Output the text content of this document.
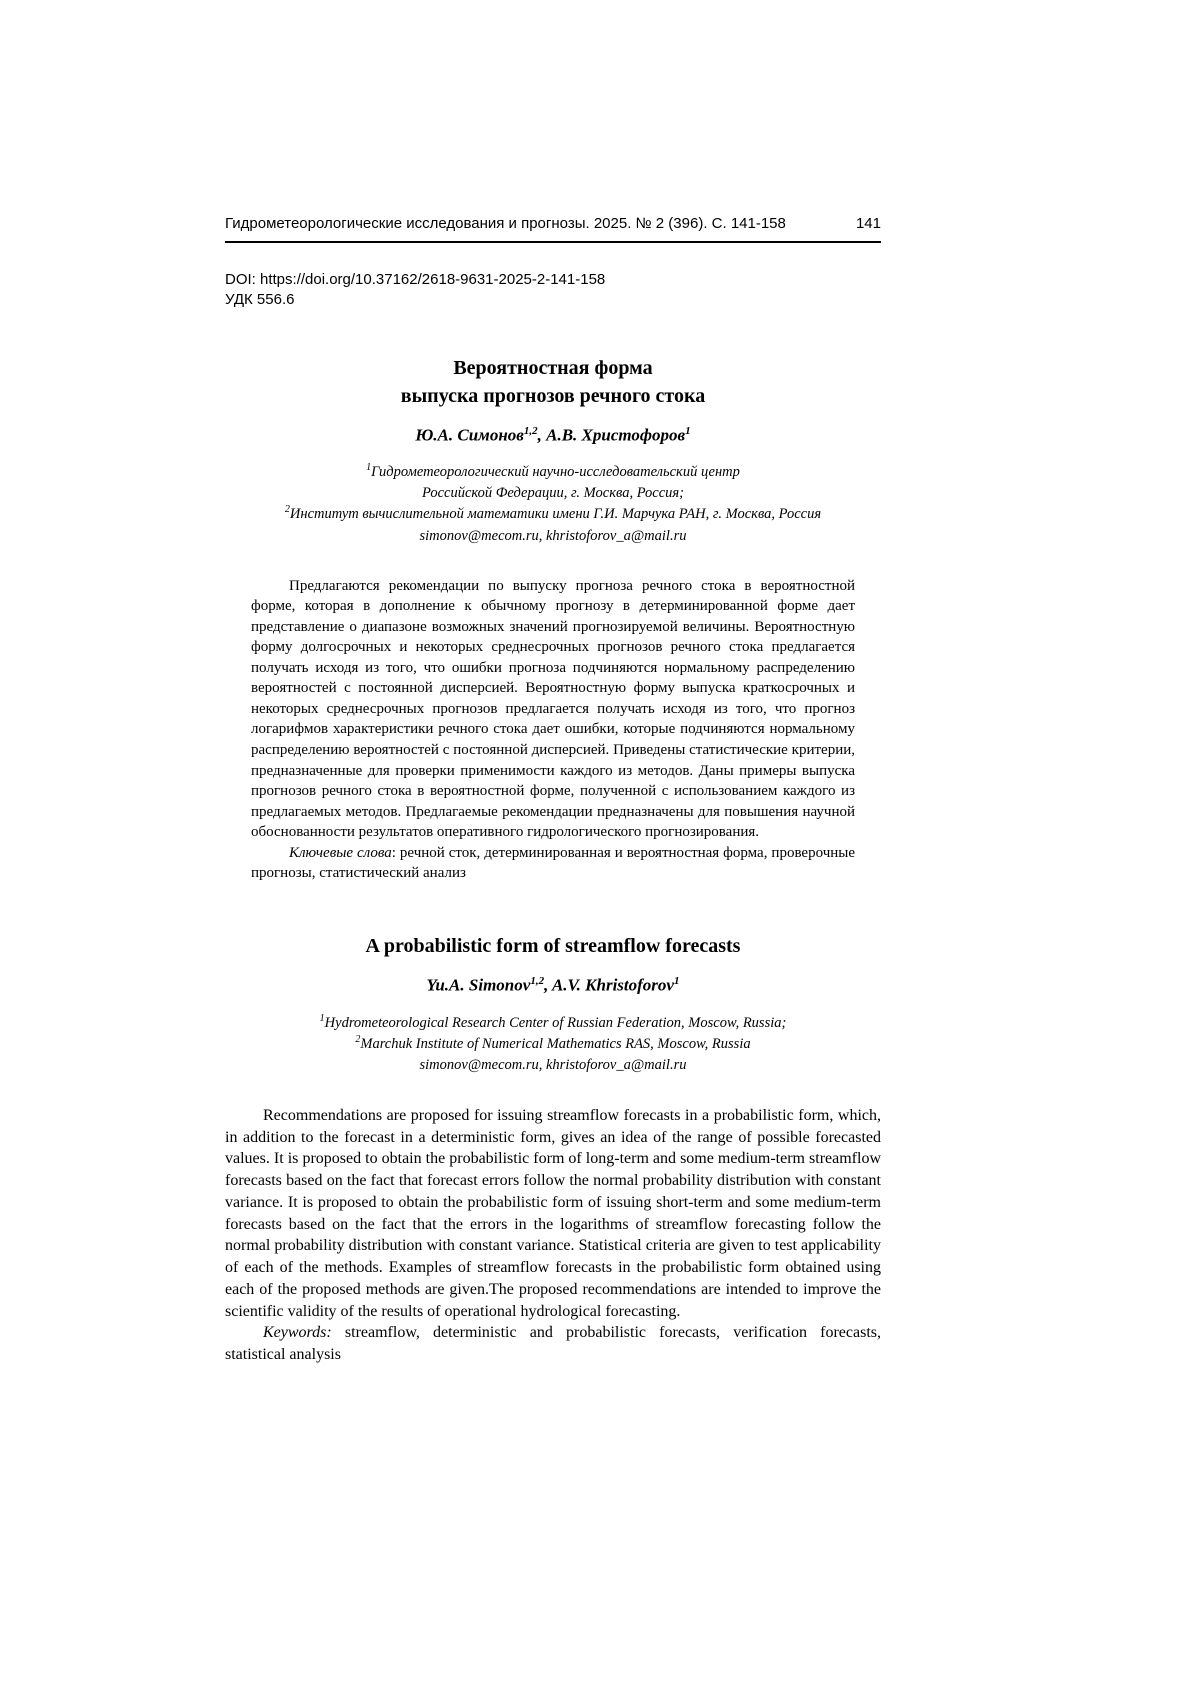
Гидрометеорологические исследования и прогнозы. 2025. № 2 (396). С. 141-158	141
DOI: https://doi.org/10.37162/2618-9631-2025-2-141-158
УДК 556.6
Вероятностная форма
выпуска прогнозов речного стока
Ю.А. Симонов$^{1,2}$, А.В. Христофоров$^1$
$^1$Гидрометеорологический научно-исследовательский центр
Российской Федерации, г. Москва, Россия;
$^2$Институт вычислительной математики имени Г.И. Марчука РАН, г. Москва, Россия
simonov@mecom.ru, khristoforov_a@mail.ru

Предлагаются рекомендации по выпуску прогноза речного стока в вероятностной форме, которая в дополнение к обычному прогнозу в детерминированной форме дает представление о диапазоне возможных значений прогнозируемой величины. Вероятностную форму долгосрочных и некоторых среднесрочных прогнозов речного стока предлагается получать исходя из того, что ошибки прогноза подчиняются нормальному распределению вероятностей с постоянной дисперсией. Вероятностную форму выпуска краткосрочных и некоторых среднесрочных прогнозов предлагается получать исходя из того, что прогноз логарифмов характеристики речного стока дает ошибки, которые подчиняются нормальному распределению вероятностей с постоянной дисперсией. Приведены статистические критерии, предназначенные для проверки применимости каждого из методов. Даны примеры выпуска прогнозов речного стока в вероятностной форме, полученной с использованием каждого из предлагаемых методов. Предлагаемые рекомендации предназначены для повышения научной обоснованности результатов оперативного гидрологического прогнозирования.

Ключевые слова: речной сток, детерминированная и вероятностная форма, проверочные прогнозы, статистический анализ

A probabilistic form of streamflow forecasts
Yu.A. Simonov$^{1,2}$, A.V. Khristoforov$^1$
$^1$Hydrometeorological Research Center of Russian Federation, Moscow, Russia;
$^2$Marchuk Institute of Numerical Mathematics RAS, Moscow, Russia
simonov@mecom.ru, khristoforov_a@mail.ru

Recommendations are proposed for issuing streamflow forecasts in a probabilistic form, which, in addition to the forecast in a deterministic form, gives an idea of the range of possible forecasted values. It is proposed to obtain the probabilistic form of long-term and some medium-term streamflow forecasts based on the fact that forecast errors follow the normal probability distribution with constant variance. It is proposed to obtain the probabilistic form of issuing short-term and some medium-term forecasts based on the fact that the errors in the logarithms of streamflow forecasting follow the normal probability distribution with constant variance. Statistical criteria are given to test applicability of each of the methods. Examples of streamflow forecasts in the probabilistic form obtained using each of the proposed methods are given.The proposed recommendations are intended to improve the scientific validity of the results of operational hydrological forecasting.

Keywords: streamflow, deterministic and probabilistic forecasts, verification forecasts, statistical analysis
